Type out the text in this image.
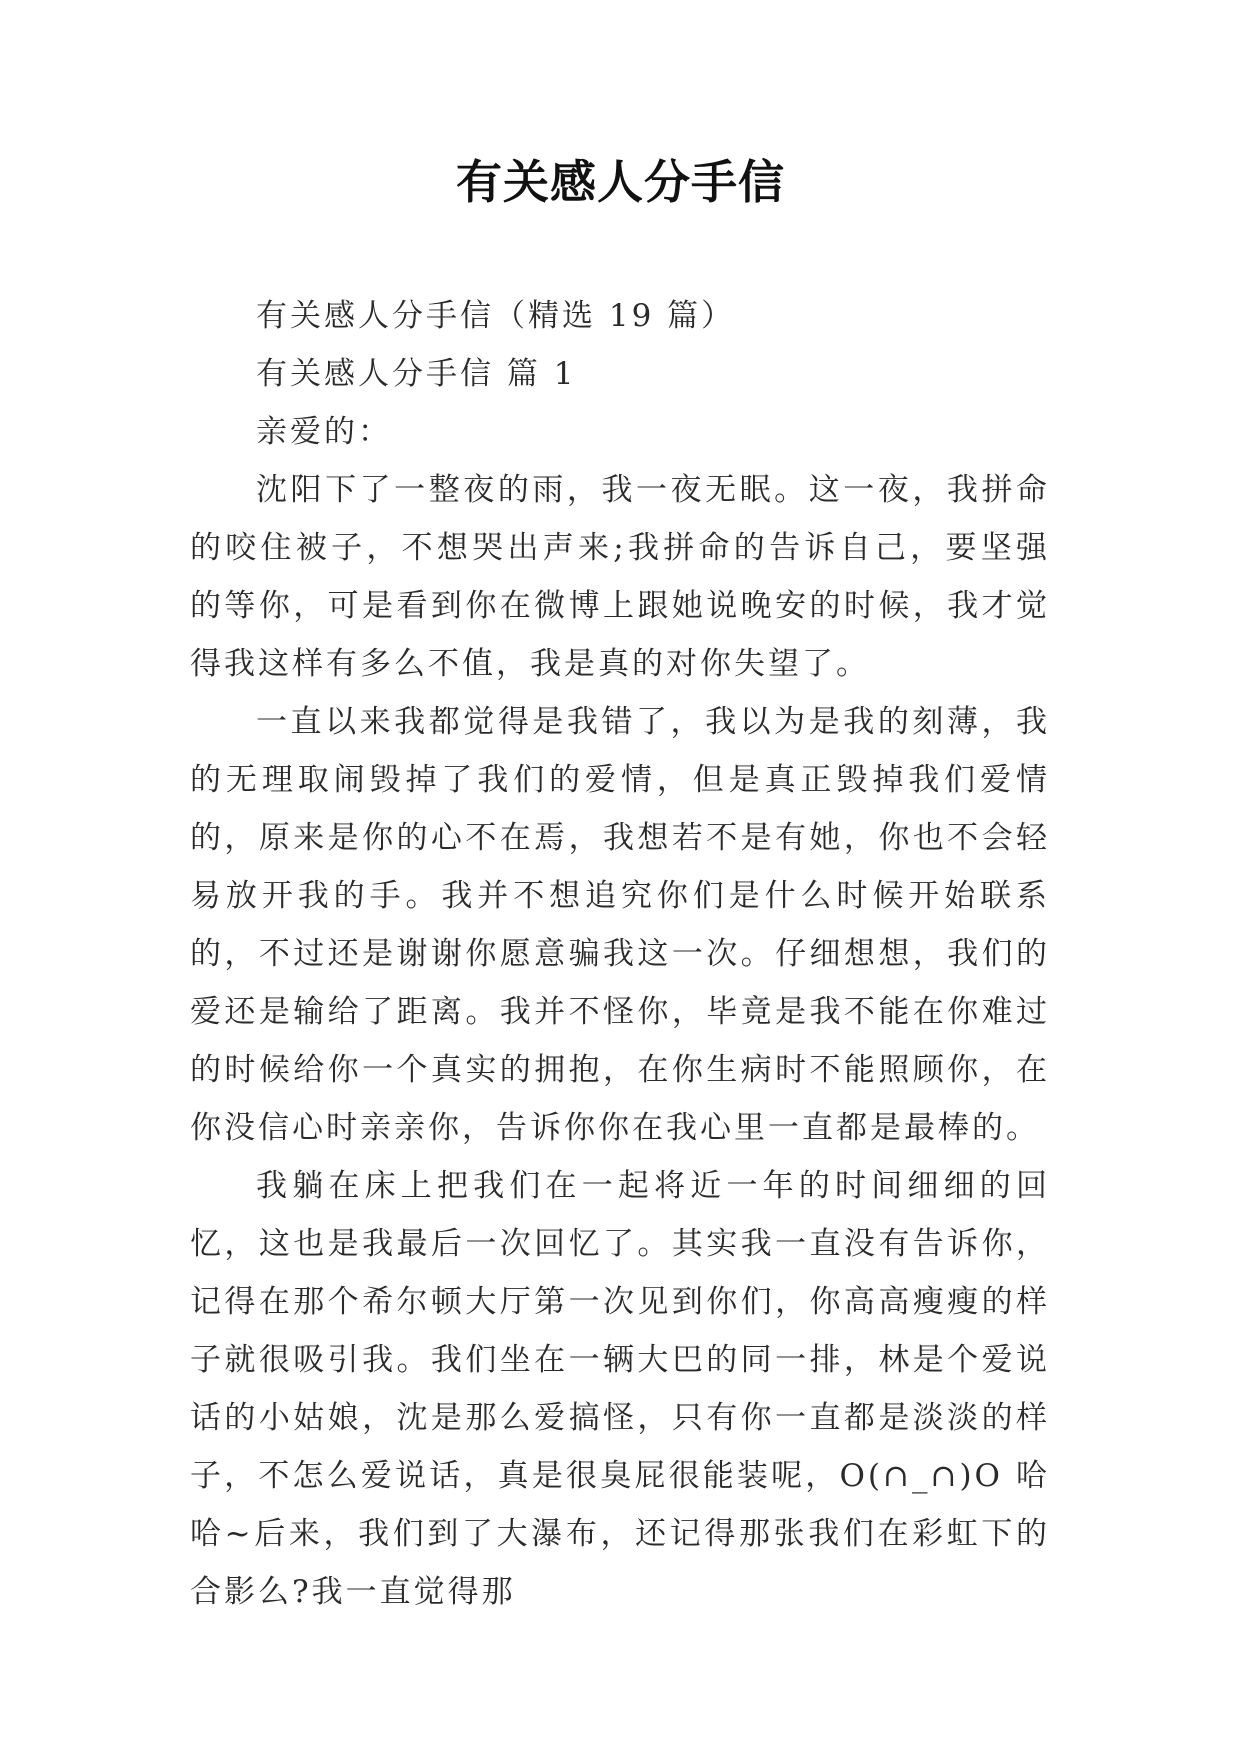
有关感人分手信

有关感人分手信（精选 19 篇）

有关感人分手信 篇 1

亲爱的：

沈阳下了一整夜的雨，我一夜无眠。这一夜，我拼命的咬住被子，不想哭出声来;我拼命的告诉自己，要坚强的等你，可是看到你在微博上跟她说晚安的时候，我才觉得我这样有多么不值，我是真的对你失望了。

一直以来我都觉得是我错了，我以为是我的刻薄，我的无理取闹毁掉了我们的爱情，但是真正毁掉我们爱情的，原来是你的心不在焉，我想若不是有她，你也不会轻易放开我的手。我并不想追究你们是什么时候开始联系的，不过还是谢谢你愿意骗我这一次。仔细想想，我们的爱还是输给了距离。我并不怪你，毕竟是我不能在你难过的时候给你一个真实的拥抱，在你生病时不能照顾你，在你没信心时亲亲你，告诉你你在我心里一直都是最棒的。

我躺在床上把我们在一起将近一年的时间细细的回忆，这也是我最后一次回忆了。其实我一直没有告诉你，记得在那个希尔顿大厅第一次见到你们，你高高瘦瘦的样子就很吸引我。我们坐在一辆大巴的同一排，林是个爱说话的小姑娘，沈是那么爱搞怪，只有你一直都是淡淡的样子，不怎么爱说话，真是很臭屁很能装呢，O(∩_∩)O 哈哈~后来，我们到了大瀑布，还记得那张我们在彩虹下的合影么?我一直觉得那
